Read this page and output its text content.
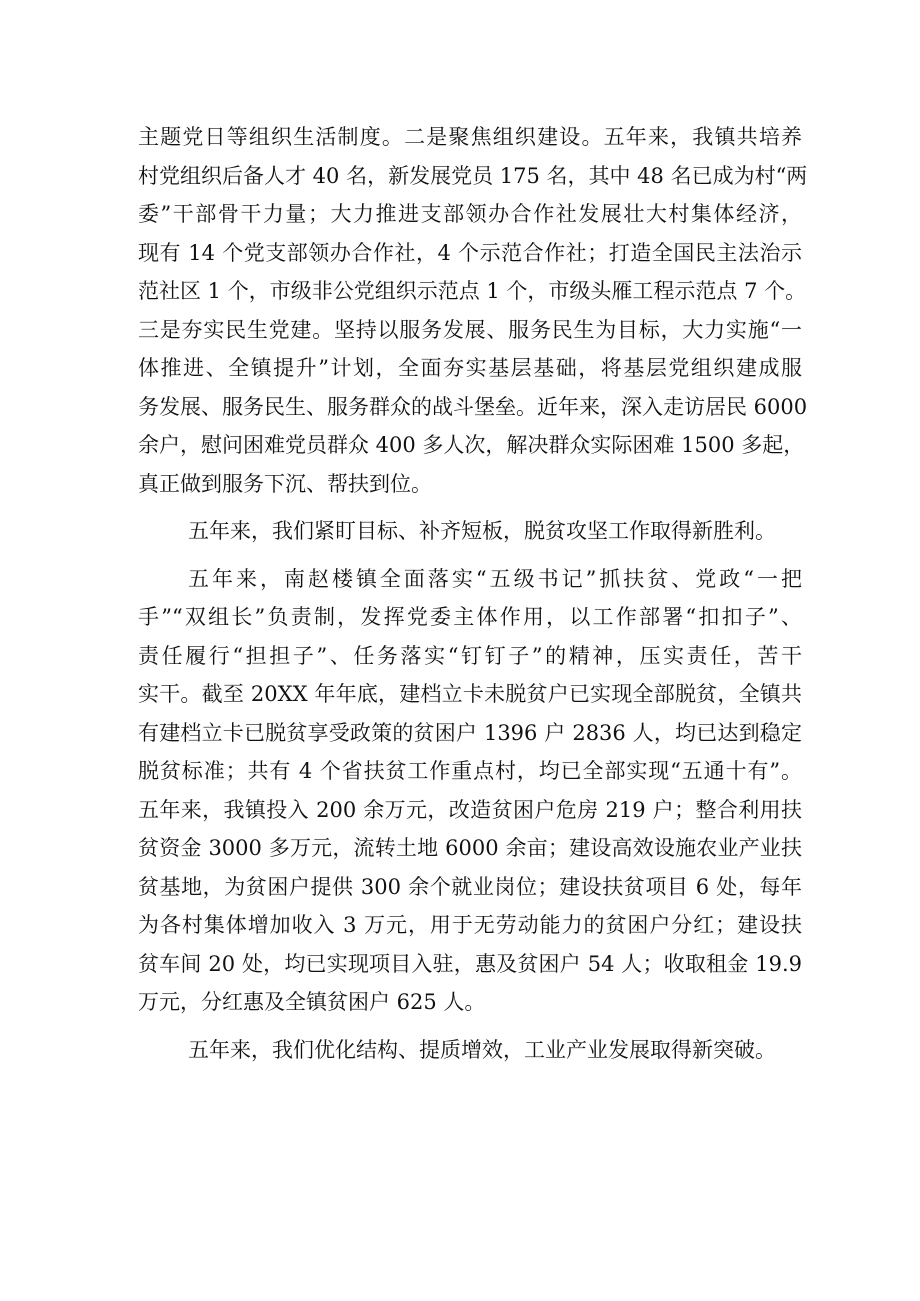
主题党日等组织生活制度。二是聚焦组织建设。五年来，我镇共培养
村党组织后备人才 40 名，新发展党员 175 名，其中 48 名已成为村“两
委”干部骨干力量；大力推进支部领办合作社发展壮大村集体经济，
现有 14 个党支部领办合作社，4 个示范合作社；打造全国民主法治示
范社区 1 个，市级非公党组织示范点 1 个，市级头雁工程示范点 7 个。
三是夯实民生党建。坚持以服务发展、服务民生为目标，大力实施“一
体推进、全镇提升”计划，全面夯实基层基础，将基层党组织建成服
务发展、服务民生、服务群众的战斗堡垒。近年来，深入走访居民 6000
余户，慰问困难党员群众 400 多人次，解决群众实际困难 1500 多起，
真正做到服务下沉、帮扶到位。
五年来，我们紧盯目标、补齐短板，脱贫攻坚工作取得新胜利。
五年来，南赵楼镇全面落实“五级书记”抓扶贫、党政“一把
手”“双组长”负责制，发挥党委主体作用，以工作部署“扣扣子”、
责任履行“担担子”、任务落实“钉钉子”的精神，压实责任，苦干
实干。截至 20XX 年年底，建档立卡未脱贫户已实现全部脱贫，全镇共
有建档立卡已脱贫享受政策的贫困户 1396 户 2836 人，均已达到稳定
脱贫标准；共有 4 个省扶贫工作重点村，均已全部实现“五通十有”。
五年来，我镇投入 200 余万元，改造贫困户危房 219 户；整合利用扶
贫资金 3000 多万元，流转土地 6000 余亩；建设高效设施农业产业扶
贫基地，为贫困户提供 300 余个就业岗位；建设扶贫项目 6 处，每年
为各村集体增加收入 3 万元，用于无劳动能力的贫困户分红；建设扶
贫车间 20 处，均已实现项目入驻，惠及贫困户 54 人；收取租金 19.9
万元，分红惠及全镇贫困户 625 人。
五年来，我们优化结构、提质增效，工业产业发展取得新突破。
